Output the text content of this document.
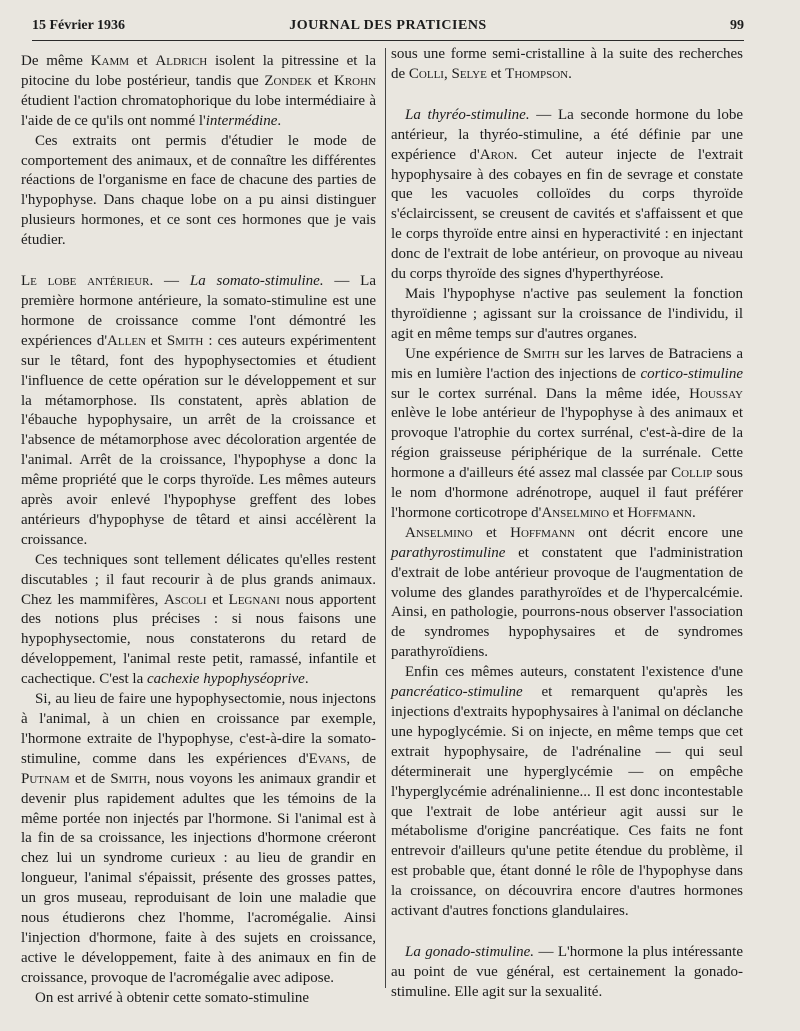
JOURNAL DES PRATICIENS
15 Février 1936	99

De même Kamm et Aldrich isolent la pitressine et la pitocine du lobe postérieur, tandis que Zondek et Krohn étudient l'action chromatophorique du lobe intermédiaire à l'aide de ce qu'ils ont nommé l'intermédine.

Ces extraits ont permis d'étudier le mode de comportement des animaux, et de connaître les différentes réactions de l'organisme en face de chacune des parties de l'hypophyse. Dans chaque lobe on a pu ainsi distinguer plusieurs hormones, et ce sont ces hormones que je vais étudier.

Le lobe antérieur. — La somato-stimuline. — La première hormone antérieure, la somato-stimuline est une hormone de croissance comme l'ont démontré les expériences d'Allen et Smith : ces auteurs expérimentent sur le têtard, font des hypophysectomies et étudient l'influence de cette opération sur le développement et sur la métamorphose. Ils constatent, après ablation de l'ébauche hypophysaire, un arrêt de la croissance et l'absence de métamorphose avec décoloration argentée de l'animal. Arrêt de la croissance, l'hypophyse a donc la même propriété que le corps thyroïde. Les mêmes auteurs après avoir enlevé l'hypophyse greffent des lobes antérieurs d'hypophyse de têtard et ainsi accélèrent la croissance.

Ces techniques sont tellement délicates qu'elles restent discutables ; il faut recourir à de plus grands animaux. Chez les mammifères, Ascoli et Legnani nous apportent des notions plus précises : si nous faisons une hypophysectomie, nous constaterons du retard de développement, l'animal reste petit, ramassé, infantile et cachectique. C'est la cachexie hypophyséoprive.

Si, au lieu de faire une hypophysectomie, nous injectons à l'animal, à un chien en croissance par exemple, l'hormone extraite de l'hypophyse, c'est-à-dire la somato-stimuline, comme dans les expériences d'Evans, de Putnam et de Smith, nous voyons les animaux grandir et devenir plus rapidement adultes que les témoins de la même portée non injectés par l'hormone. Si l'animal est à la fin de sa croissance, les injections d'hormone créeront chez lui un syndrome curieux : au lieu de grandir en longueur, l'animal s'épaissit, présente des grosses pattes, un gros museau, reproduisant de loin une maladie que nous étudierons chez l'homme, l'acromégalie. Ainsi l'injection d'hormone, faite à des sujets en croissance, active le développement, faite à des animaux en fin de croissance, provoque de l'acromégalie avec adipose.

On est arrivé à obtenir cette somato-stimuline

sous une forme semi-cristalline à la suite des recherches de Colli, Selye et Thompson.

La thyréo-stimuline. — La seconde hormone du lobe antérieur, la thyréo-stimuline, a été définie par une expérience d'Aron. Cet auteur injecte de l'extrait hypophysaire à des cobayes en fin de sevrage et constate que les vacuoles colloïdes du corps thyroïde s'éclaircissent, se creusent de cavités et s'affaissent et que le corps thyroïde entre ainsi en hyperactivité : en injectant donc de l'extrait de lobe antérieur, on provoque au niveau du corps thyroïde des signes d'hyperthyréose.

Mais l'hypophyse n'active pas seulement la fonction thyroïdienne ; agissant sur la croissance de l'individu, il agit en même temps sur d'autres organes.

Une expérience de Smith sur les larves de Batraciens a mis en lumière l'action des injections de cortico-stimuline sur le cortex surrénal. Dans la même idée, Houssay enlève le lobe antérieur de l'hypophyse à des animaux et provoque l'atrophie du cortex surrénal, c'est-à-dire de la région graisseuse périphérique de la surrénale. Cette hormone a d'ailleurs été assez mal classée par Collip sous le nom d'hormone adrénotrope, auquel il faut préférer l'hormone corticotrope d'Anselmino et Hoffmann.

Anselmino et Hoffmann ont décrit encore une parathyrostimuline et constatent que l'administration d'extrait de lobe antérieur provoque de l'augmentation de volume des glandes parathyroïdes et de l'hypercalcémie. Ainsi, en pathologie, pourrons-nous observer l'association de syndromes hypophysaires et de syndromes parathyroïdiens.

Enfin ces mêmes auteurs, constatent l'existence d'une pancréatico-stimuline et remarquent qu'après les injections d'extraits hypophysaires à l'animal on déclanche une hypoglycémie. Si on injecte, en même temps que cet extrait hypophysaire, de l'adrénaline — qui seul déterminerait une hyperglycémie — on empêche l'hyperglycémie adrénalinienne... Il est donc incontestable que l'extrait de lobe antérieur agit aussi sur le métabolisme d'origine pancréatique. Ces faits ne font entrevoir d'ailleurs qu'une petite étendue du problème, il est probable que, étant donné le rôle de l'hypophyse dans la croissance, on découvrira encore d'autres hormones activant d'autres fonctions glandulaires.

La gonado-stimuline. — L'hormone la plus intéressante au point de vue général, est certainement la gonado-stimuline. Elle agit sur la sexualité.
